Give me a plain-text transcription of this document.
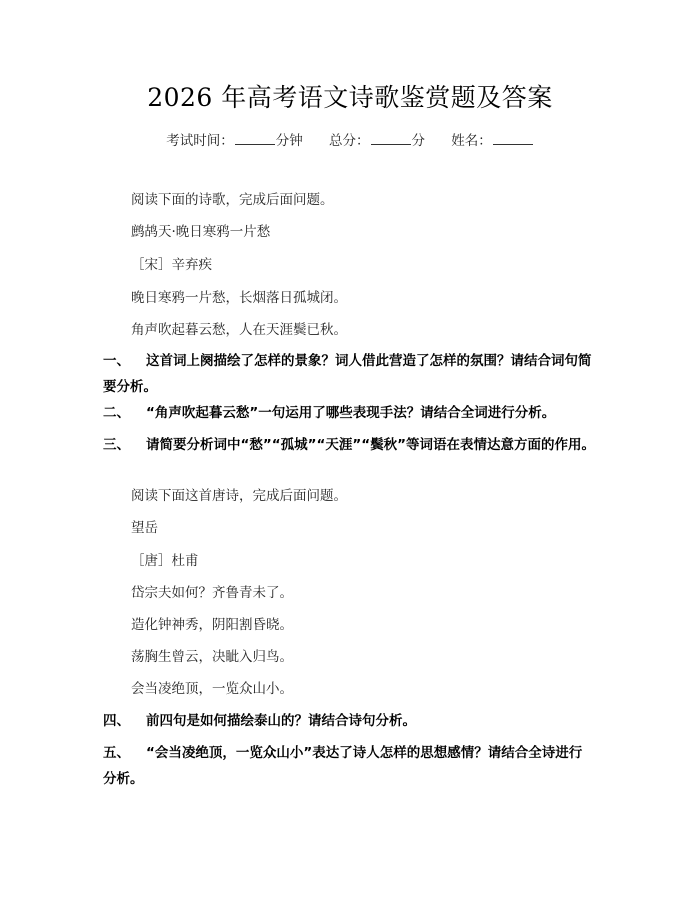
2026 年高考语文诗歌鉴赏题及答案
考试时间：	分钟 总分：	分 姓名：
阅读下面的诗歌，完成后面问题。
鹧鸪天·晚日寒鸦一片愁
［宋］辛弃疾
晚日寒鸦一片愁，长烟落日孤城闭。
角声吹起暮云愁，人在天涯鬓已秋。
一、 这首词上阕描绘了怎样的景象？词人借此营造了怎样的氛围？请结合词句简要分析。
二、 “角声吹起暮云愁”一句运用了哪些表现手法？请结合全词进行分析。
三、 请简要分析词中“愁”“孤城”“天涯”“鬓秋”等词语在表情达意方面的作用。
阅读下面这首唐诗，完成后面问题。
望岳
［唐］杜甫
岱宗夫如何？齐鲁青未了。
造化钟神秀，阴阳割昏晓。
荡胸生曾云，决眦入归鸟。
会当凌绝顶，一览众山小。
四、 前四句是如何描绘泰山的？请结合诗句分析。
五、 “会当凌绝顶，一览众山小”表达了诗人怎样的思想感情？请结合全诗进行分析。
